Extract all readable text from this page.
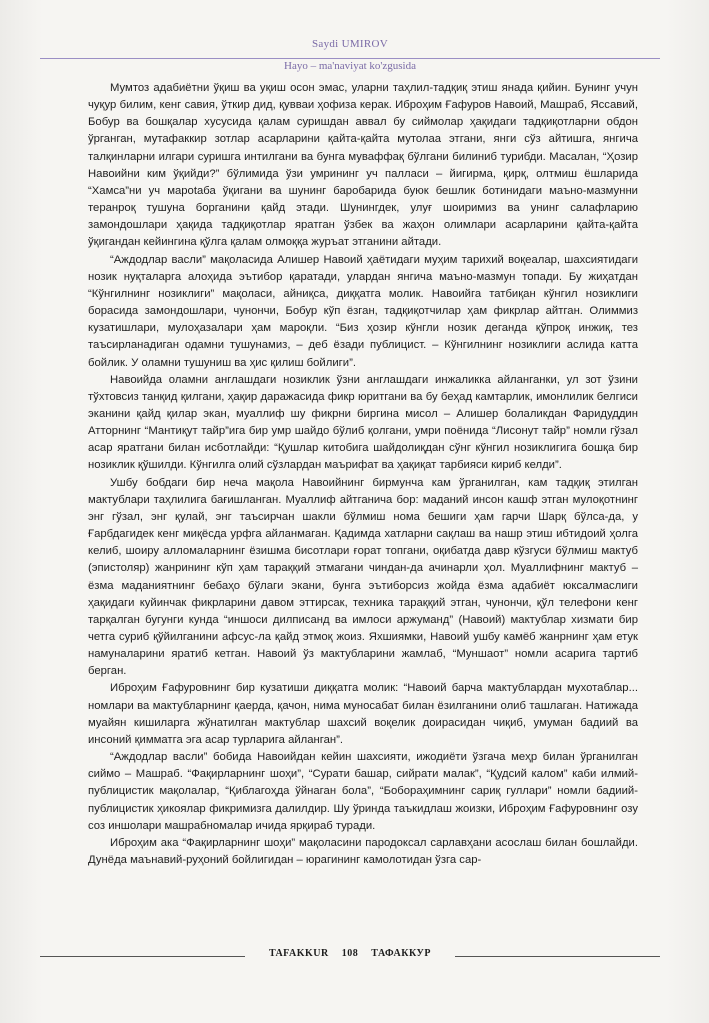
Saydi UMIROV
Hayo – ma'naviyat ko'zgusida

Мумтоз адабиётни ўқиш ва уқиш осон эмас, уларни таҳлил-тадқиқ этиш янада қийин. Бунинг учун чуқур билим, кенг савия, ўткир дид, қувваи ҳофиза керак. Иброҳим Ғафуров Навоий, Машраб, Яссавий, Бобур ва бошқалар хусусида қалам суришдан аввал бу сиймолар ҳақидаги тадқиқотларни обдон ўрганган, мутафаккир зотлар асарларини қайта-қайта мутолаа этгани, янги сўз айтишга, янгича талқинларни илгари суришга интилгани ва бунга муваффақ бўлгани билиниб турибди. Масалан, “Ҳозир Навоийни ким ўқийди?” бўлимида ўзи умрининг уч палласи – йигирма, қирқ, олтмиш ёшларида “Хамса”ни уч марotaба ўқигани ва шунинг баробарида буюк бешлик ботинидаги маъно-мазмунни теранроқ тушуна борганини қайд этади. Шунингдек, улуғ шоиримиз ва унинг салафларию замондошлари ҳақида тадқиқотлар яратган ўзбек ва жаҳон олимлари асарларини қайта-қайта ўқигандан кейингина қўлга қалам олмоққа журъат этганини айтади.

“Аждодлар васли” мақоласида Алишер Навоий ҳаётидаги муҳим тарихий воқеалар, шахсиятидаги нозик нуқталарга алоҳида эътибор қаратади, улардан янгича маъно-мазмун топади. Бу жиҳатдан “Кўнгилнинг нозиклиги” мақоласи, айниқса, диққатга молик. Навоийга татбиқан кўнгил нозиклиги борасида замондошлари, чунончи, Бобур кўп ёзган, тадқиқотчилар ҳам фикрлар айтган. Олиммиз кузатишлари, мулоҳазалари ҳам марoқли. “Биз ҳозир кўнгли нозик деганда қўпроқ инжиқ, тез таъсирланадиган одамни тушунамиз, – деб ёзади публицист. – Кўнгилнинг нозиклиги аслида катта бойлик. У оламни тушуниш ва ҳис қилиш бойлиги”.

Навоийда оламни англашдаги нозиклик ўзни англашдаги инжаликка айланганки, ул зот ўзини тўхтовсиз танқид қилгани, ҳақир даражасида фикр юритгани ва бу беҳад камтарлик, имонлилик белгиси эканини қайд қилар экан, муаллиф шу фикрни биргина мисол – Алишер болаликдан Фаридуддин Атторнинг “Мантиқут тайр”ига бир умр шайдо бўлиб қолгани, умри поёнида “Лисонут тайр” номли гўзал асар яратгани билан исботлайди: “Қушлар китобига шайдолиқдан сўнг кўнгил нозиклигига бошқа бир нозиклик қўшилди. Кўнгилга олий сўзлардан маърифат ва ҳақиқат тарбияси кириб келди”.

Ушбу бобдаги бир неча мақола Навоийнинг бирмунча кам ўрганилган, кам тадқиқ этилган мактублари таҳлилига бағишланган. Муаллиф айтганича бор: маданий инсон кашф этган мулоқотнинг энг гўзал, энг қулай, энг таъсирчан шакли бўлмиш нома бешиги ҳам гарчи Шарқ бўлса-да, у Ғарбдагидек кенг миқёсда урфга айланмаган. Қадимда хатларни сақлаш ва нашр этиш ибтидоий ҳолга келиб, шоиру алломаларнинг ёзишма бисотлари ғорат топгани, оқибатда давр кўзгуси бўлмиш мактуб (эпистоляр) жанрининг кўп ҳам тараққий этмагани чиндан-да ачинарли ҳол. Муаллифнинг мактуб – ёзма маданиятнинг бебаҳо бўлаги экани, бунга эътиборсиз жойда ёзма адабиёт юксалмаслиги ҳақидаги куйинчак фикрларини давом эттирсак, техника тараққий этган, чунончи, қўл телефони кенг тарқалган бугунги кунда “иншоси дилписанд ва имлоси аржуманд” (Навоий) мактублар хизмати бир четга суриб қўйилганини афсус-ла қайд этмоқ жоиз. Яхшиямки, Навоий ушбу камёб жанрнинг ҳам етук намуналарини яратиб кетган. Навоий ўз мактубларини жамлаб, “Муншаот” номли асарига тартиб берган.

Иброҳим Ғафуровнинг бир кузатиши диққатга молик: “Навоий барча мактублардан мухотаблар... номлари ва мактубларнинг қаерда, қачон, нима муносабат билан ёзилганини олиб ташлаган. Натижада муайян кишиларга жўнатилган мактублар шахсий воқелик доирасидан чиқиб, умуман бадиий ва инсоний қимматга эга асар турларига айланган”.

“Аждодлар васли” бобида Навоийдан кейин шахсияти, ижодиёти ўзгача меҳр билан ўрганилган сиймо – Машраб. “Фақирларнинг шоҳи”, “Сурати башар, сийрати малак”, “Қудсий калом” каби илмий-публицистик мақолалар, “Қиблагоҳда ўйнаган бола”, “Бобораҳимнинг сариқ гуллари” номли бадиий-публицистик ҳикоялар фикримизга далилдир. Шу ўринда таъкидлаш жоизки, Иброҳим Ғафуровнинг озу соз иншолари машрабномалар ичида ярқираб туради.

Иброҳим ака “Фақирларнинг шоҳи” мақоласини пародоксал сарлавҳани асослаш билан бошлайди. Дунёда маънавий-руҳоний бойлигидан – юрагининг камолотидан ўзга сар-

TAFAKKUR 108 ТАФАККУР
